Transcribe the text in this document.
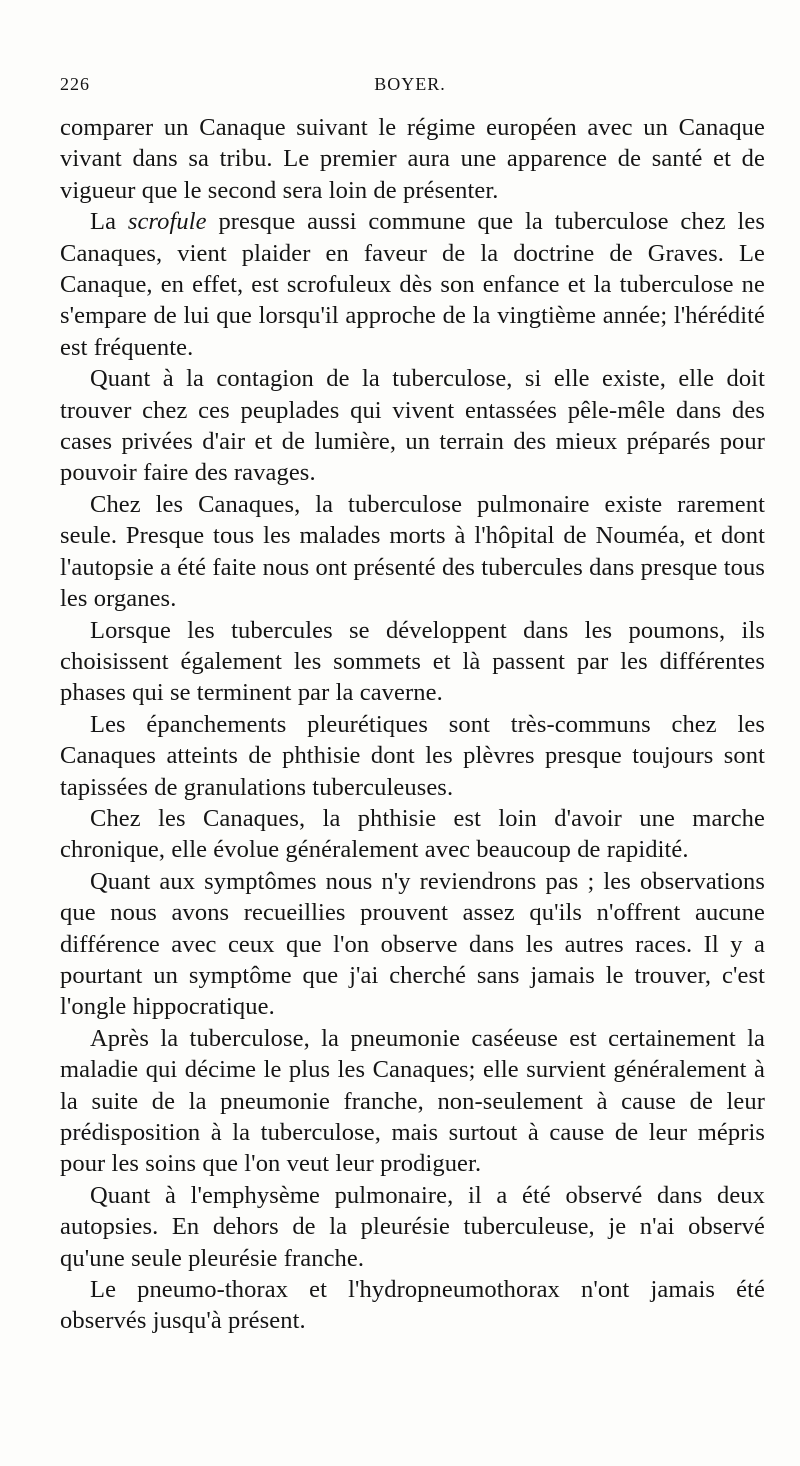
226	BOYER.

comparer un Canaque suivant le régime européen avec un Canaque vivant dans sa tribu. Le premier aura une apparence de santé et de vigueur que le second sera loin de présenter.

La scrofule presque aussi commune que la tuberculose chez les Canaques, vient plaider en faveur de la doctrine de Graves. Le Canaque, en effet, est scrofuleux dès son enfance et la tuberculose ne s'empare de lui que lorsqu'il approche de la vingtième année; l'hérédité est fréquente.

Quant à la contagion de la tuberculose, si elle existe, elle doit trouver chez ces peuplades qui vivent entassées pêle-mêle dans des cases privées d'air et de lumière, un terrain des mieux préparés pour pouvoir faire des ravages.

Chez les Canaques, la tuberculose pulmonaire existe rarement seule. Presque tous les malades morts à l'hôpital de Nouméa, et dont l'autopsie a été faite nous ont présenté des tubercules dans presque tous les organes.

Lorsque les tubercules se développent dans les poumons, ils choisissent également les sommets et là passent par les différentes phases qui se terminent par la caverne.

Les épanchements pleurétiques sont très-communs chez les Canaques atteints de phthisie dont les plèvres presque toujours sont tapissées de granulations tuberculeuses.

Chez les Canaques, la phthisie est loin d'avoir une marche chronique, elle évolue généralement avec beaucoup de rapidité.

Quant aux symptômes nous n'y reviendrons pas ; les observations que nous avons recueillies prouvent assez qu'ils n'offrent aucune différence avec ceux que l'on observe dans les autres races. Il y a pourtant un symptôme que j'ai cherché sans jamais le trouver, c'est l'ongle hippocratique.

Après la tuberculose, la pneumonie caséeuse est certainement la maladie qui décime le plus les Canaques; elle survient généralement à la suite de la pneumonie franche, non-seulement à cause de leur prédisposition à la tuberculose, mais surtout à cause de leur mépris pour les soins que l'on veut leur prodiguer.

Quant à l'emphysème pulmonaire, il a été observé dans deux autopsies. En dehors de la pleurésie tuberculeuse, je n'ai observé qu'une seule pleurésie franche.

Le pneumo-thorax et l'hydropneumothorax n'ont jamais été observés jusqu'à présent.
